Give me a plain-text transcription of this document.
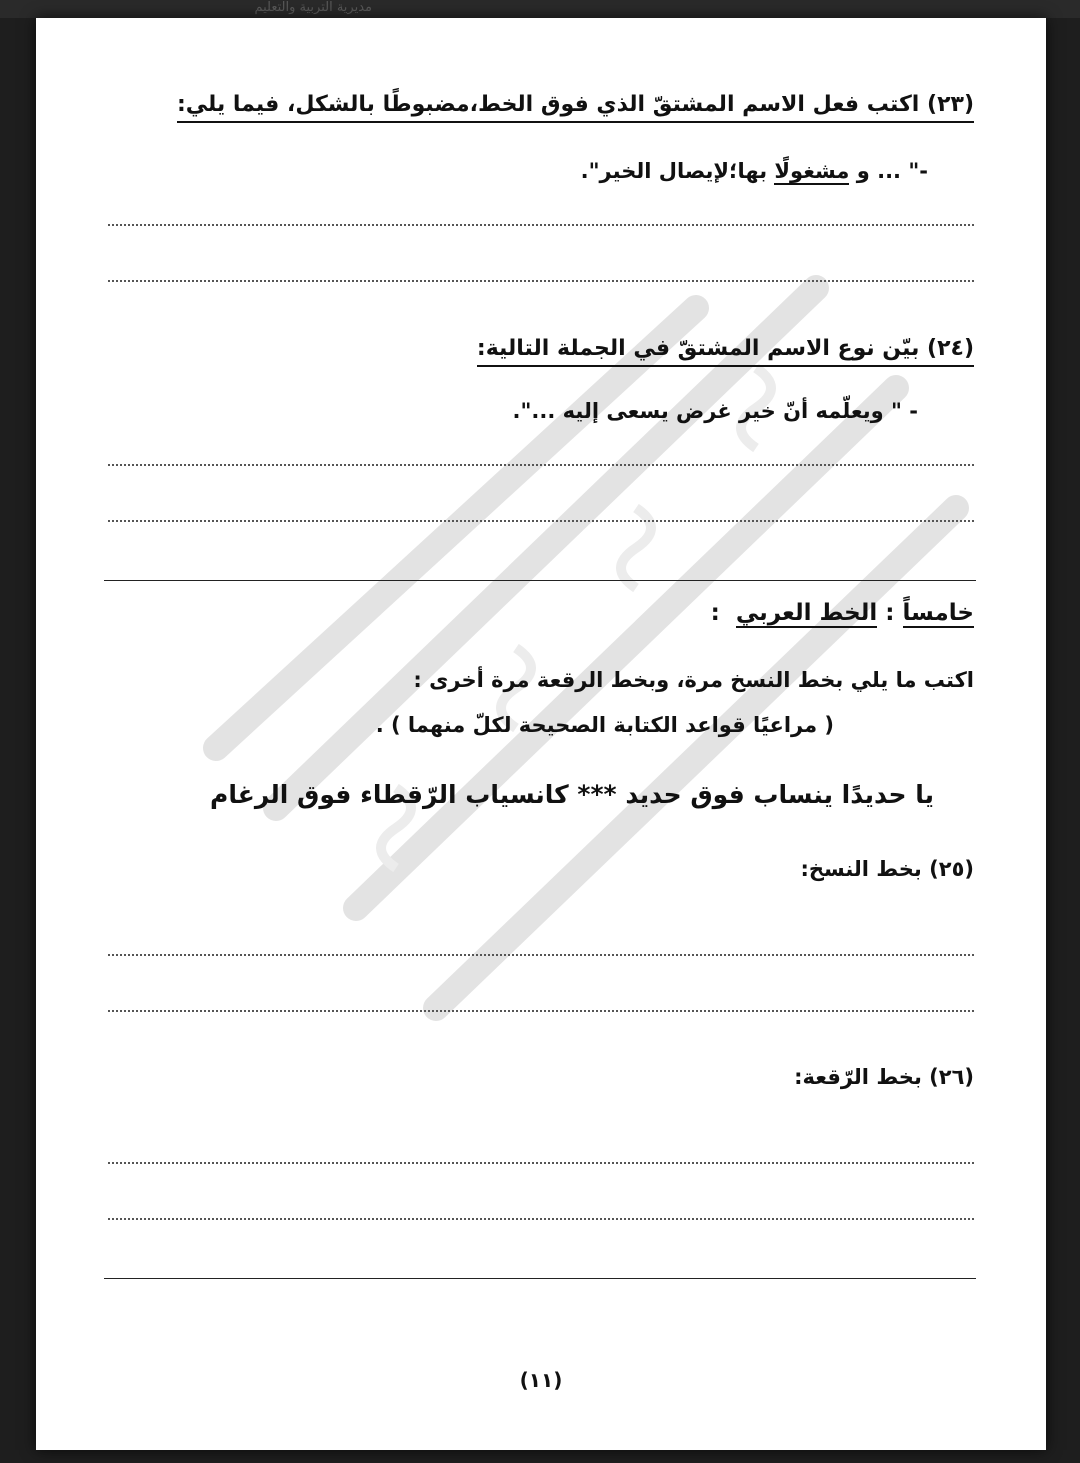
مديرية التربية والتعليم
(٢٣) اكتب فعل الاسم المشتقّ الذي فوق الخط،مضبوطًا بالشكل، فيما يلي:
-" ... و مشغولًا بها؛لإيصال الخير".
(٢٤) بيّن نوع الاسم المشتقّ في الجملة التالية:
- " ويعلّمه أنّ خير غرض يسعى إليه ...".
خامساً : الخط العربي :
اكتب ما يلي بخط النسخ مرة، وبخط الرقعة مرة أخرى :
( مراعيًا قواعد الكتابة الصحيحة لكلّ منهما ) .
يا حديدًا ينساب فوق حديد *** كانسياب الرّقطاء فوق الرغام
(٢٥) بخط النسخ:
(٢٦) بخط الرّقعة:
(١١)
